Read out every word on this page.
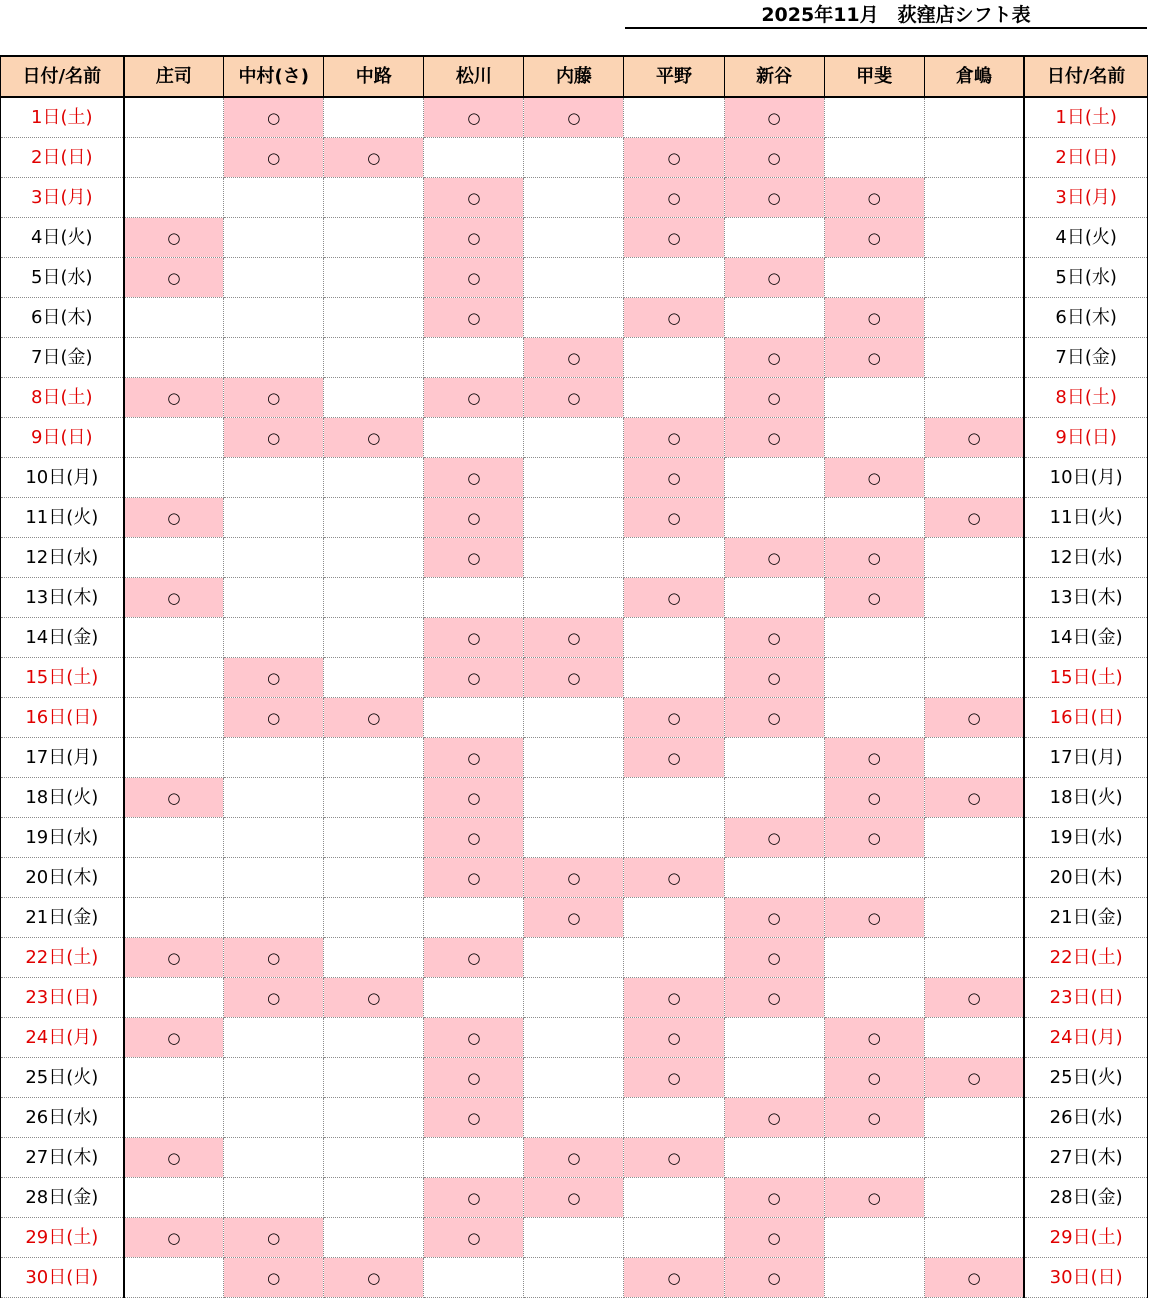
2025年11月　荻窪店シフト表
日付/名前	庄司	中村(さ)	中路	松川	内藤	平野	新谷	甲斐	倉嶋	日付/名前
1日(土)		○		○	○		○			1日(土)
2日(日)		○	○			○	○			2日(日)
3日(月)				○		○	○	○		3日(月)
4日(火)	○			○		○		○		4日(火)
5日(水)	○			○			○			5日(水)
6日(木)				○		○		○		6日(木)
7日(金)					○		○	○		7日(金)
8日(土)	○	○		○	○		○			8日(土)
9日(日)		○	○			○	○		○	9日(日)
10日(月)				○		○		○		10日(月)
11日(火)	○			○		○			○	11日(火)
12日(水)				○			○	○		12日(水)
13日(木)	○					○		○		13日(木)
14日(金)				○	○		○			14日(金)
15日(土)		○		○	○		○			15日(土)
16日(日)		○	○			○	○		○	16日(日)
17日(月)				○		○		○		17日(月)
18日(火)	○			○				○	○	18日(火)
19日(水)				○			○	○		19日(水)
20日(木)				○	○	○				20日(木)
21日(金)					○		○	○		21日(金)
22日(土)	○	○		○			○			22日(土)
23日(日)		○	○			○	○		○	23日(日)
24日(月)	○			○		○		○		24日(月)
25日(火)				○		○		○	○	25日(火)
26日(水)				○			○	○		26日(水)
27日(木)	○				○	○				27日(木)
28日(金)				○	○		○	○		28日(金)
29日(土)	○	○		○			○			29日(土)
30日(日)		○	○			○	○		○	30日(日)
